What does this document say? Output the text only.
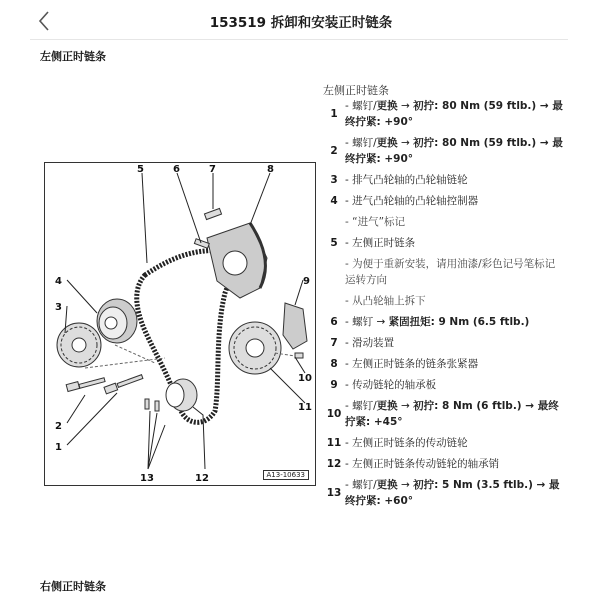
153519 拆卸和安装正时链条
左侧正时链条
5	6	7	8
4
3
9
10
11
2
1
13	12	A13-10633
左侧正时链条
1
- 螺钉/更换 → 初拧: 80 Nm (59 ftlb.) → 最终拧紧: +90°
2
- 螺钉/更换 → 初拧: 80 Nm (59 ftlb.) → 最终拧紧: +90°
3 - 排气凸轮轴的凸轮轴链轮
4 - 进气凸轮轴的凸轮轴控制器
- “进气”标记
5 - 左侧正时链条
- 为便于重新安装，请用油漆/彩色记号笔标记运转方向
- 从凸轮轴上拆下
6 - 螺钉 → 紧固扭矩: 9 Nm (6.5 ftlb.)
7 - 滑动装置
8 - 左侧正时链条的链条张紧器
9 - 传动链轮的轴承板
10
- 螺钉/更换 → 初拧: 8 Nm (6 ftlb.) → 最终拧紧: +45°
11 - 左侧正时链条的传动链轮
12 - 左侧正时链条传动链轮的轴承销
13
- 螺钉/更换 → 初拧: 5 Nm (3.5 ftlb.) → 最终拧紧: +60°
右侧正时链条
